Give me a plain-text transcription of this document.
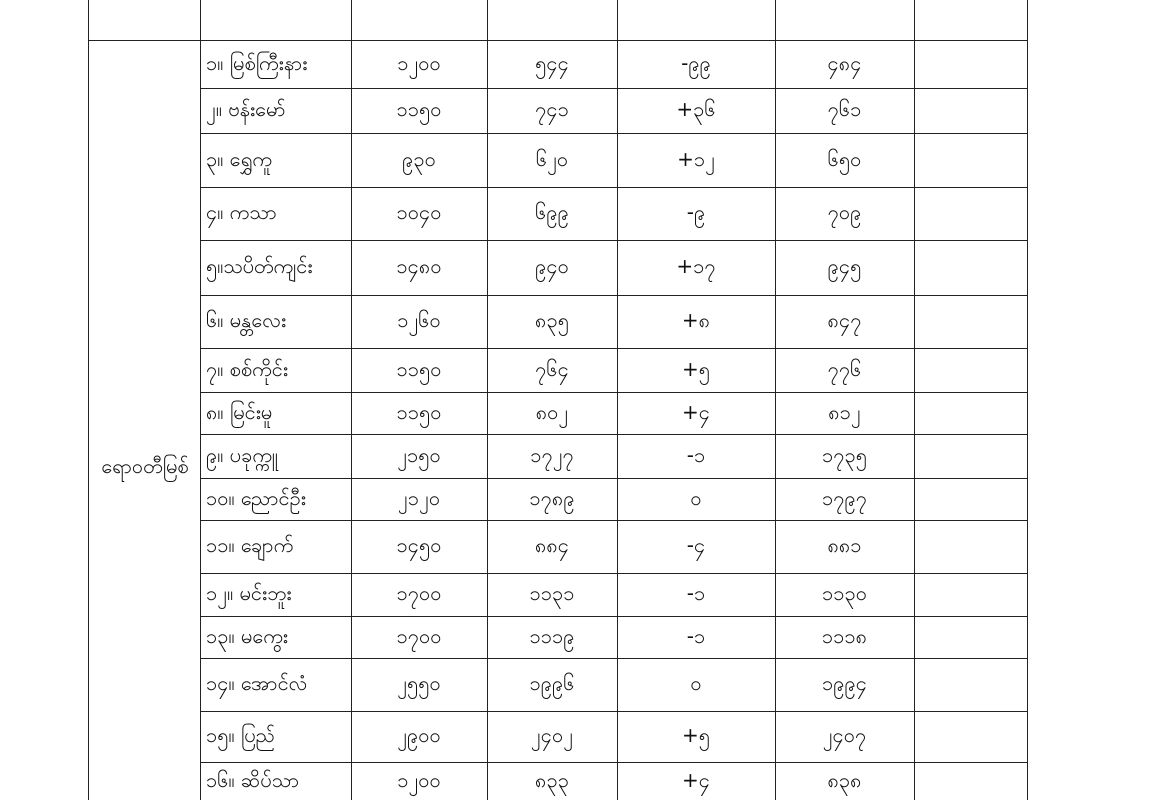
ရောဝတီမြစ်
၁။ မြစ်ကြီးနား	၁၂၀၀	၅၄၄	-၉၉	၄၈၄
၂။ ဗန်းမော်	၁၁၅၀	၇၄၁	+၃၆	၇၆၁
၃။ ရွှေကူ	၉၃၀	၆၂၀	+၁၂	၆၅၀
၄။ ကသာ	၁၀၄၀	၆၉၉	-၉	၇၀၉
၅။သပိတ်ကျင်း	၁၄၈၀	၉၄၀	+၁၇	၉၄၅
၆။ မန္တလေး	၁၂၆၀	၈၃၅	+၈	၈၄၇
၇။ စစ်ကိုင်း	၁၁၅၀	၇၆၄	+၅	၇၇၆
၈။ မြင်းမူ	၁၁၅၀	၈၀၂	+၄	၈၁၂
၉။ ပခုက္ကူ	၂၁၅၀	၁၇၂၇	-၁	၁၇၃၅
၁၀။ ညောင်ဦး	၂၁၂၀	၁၇၈၉	၀	၁၇၉၇
၁၁။ ချောက်	၁၄၅၀	၈၈၄	-၄	၈၈၁
၁၂။ မင်းဘူး	၁၇၀၀	၁၁၃၁	-၁	၁၁၃၀
၁၃။ မကွေး	၁၇၀၀	၁၁၁၉	-၁	၁၁၁၈
၁၄။ အောင်လံ	၂၅၅၀	၁၉၉၆	၀	၁၉၉၄
၁၅။ ပြည်	၂၉၀၀	၂၄၀၂	+၅	၂၄၀၇
၁၆။ ဆိပ်သာ	၁၂၀၀	၈၃၃	+၄	၈၃၈
